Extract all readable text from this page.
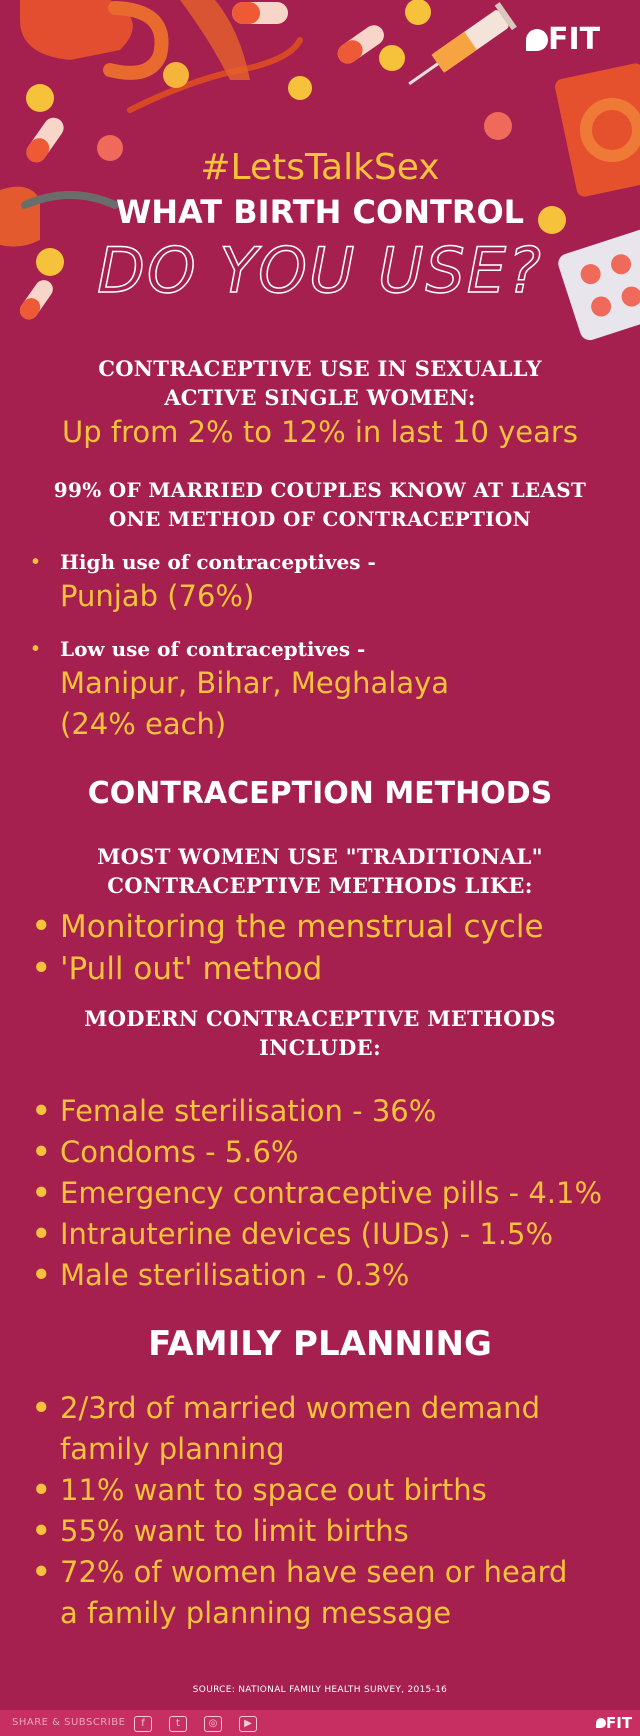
FIT
#LetsTalkSex
WHAT BIRTH CONTROL
DO YOU USE?
CONTRACEPTIVE USE IN SEXUALLY
ACTIVE SINGLE WOMEN:
Up from 2% to 12% in last 10 years
99% OF MARRIED COUPLES KNOW AT LEAST
ONE METHOD OF CONTRACEPTION
• High use of contraceptives -
Punjab (76%)
• Low use of contraceptives -
Manipur, Bihar, Meghalaya
(24% each)
CONTRACEPTION METHODS
MOST WOMEN USE "TRADITIONAL"
CONTRACEPTIVE METHODS LIKE:
• Monitoring the menstrual cycle
• 'Pull out' method
MODERN CONTRACEPTIVE METHODS
INCLUDE:
• Female sterilisation - 36%
• Condoms - 5.6%
• Emergency contraceptive pills - 4.1%
• Intrauterine devices (IUDs) - 1.5%
• Male sterilisation - 0.3%
FAMILY PLANNING
• 2/3rd of married women demand
family planning
• 11% want to space out births
• 55% want to limit births
• 72% of women have seen or heard
a family planning message
SOURCE: NATIONAL FAMILY HEALTH SURVEY, 2015-16
SHARE & SUBSCRIBE	f	t	◎	▶	FIT
